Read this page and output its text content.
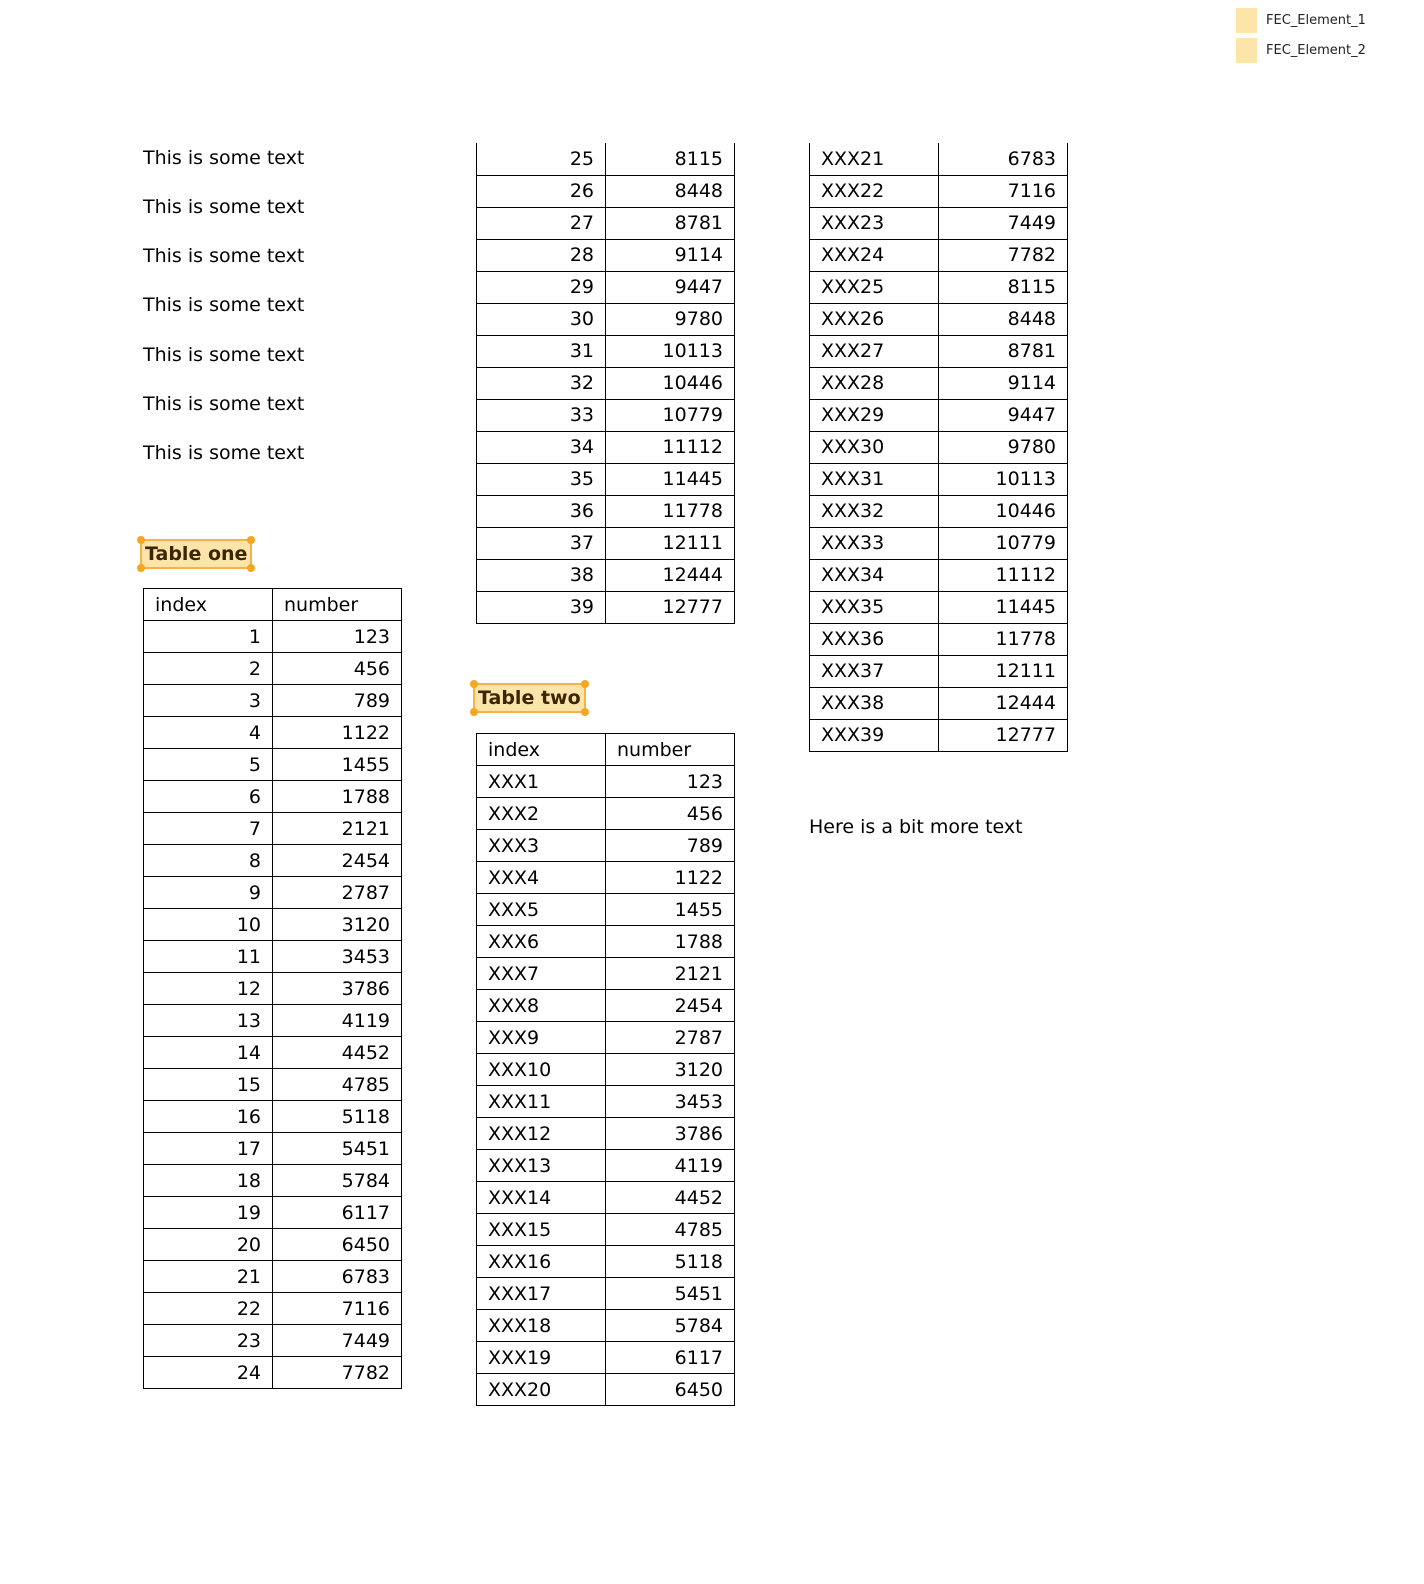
FEC_Element_1
FEC_Element_2
This is some text
This is some text
This is some text
This is some text
This is some text
This is some text
This is some text
Table one
index	number
1	123
2	456
3	789
4	1122
5	1455
6	1788
7	2121
8	2454
9	2787
10	3120
11	3453
12	3786
13	4119
14	4452
15	4785
16	5118
17	5451
18	5784
19	6117
20	6450
21	6783
22	7116
23	7449
24	7782
25	8115
26	8448
27	8781
28	9114
29	9447
30	9780
31	10113
32	10446
33	10779
34	11112
35	11445
36	11778
37	12111
38	12444
39	12777
Table two
index	number
XXX1	123
XXX2	456
XXX3	789
XXX4	1122
XXX5	1455
XXX6	1788
XXX7	2121
XXX8	2454
XXX9	2787
XXX10	3120
XXX11	3453
XXX12	3786
XXX13	4119
XXX14	4452
XXX15	4785
XXX16	5118
XXX17	5451
XXX18	5784
XXX19	6117
XXX20	6450
XXX21	6783
XXX22	7116
XXX23	7449
XXX24	7782
XXX25	8115
XXX26	8448
XXX27	8781
XXX28	9114
XXX29	9447
XXX30	9780
XXX31	10113
XXX32	10446
XXX33	10779
XXX34	11112
XXX35	11445
XXX36	11778
XXX37	12111
XXX38	12444
XXX39	12777
Here is a bit more text
